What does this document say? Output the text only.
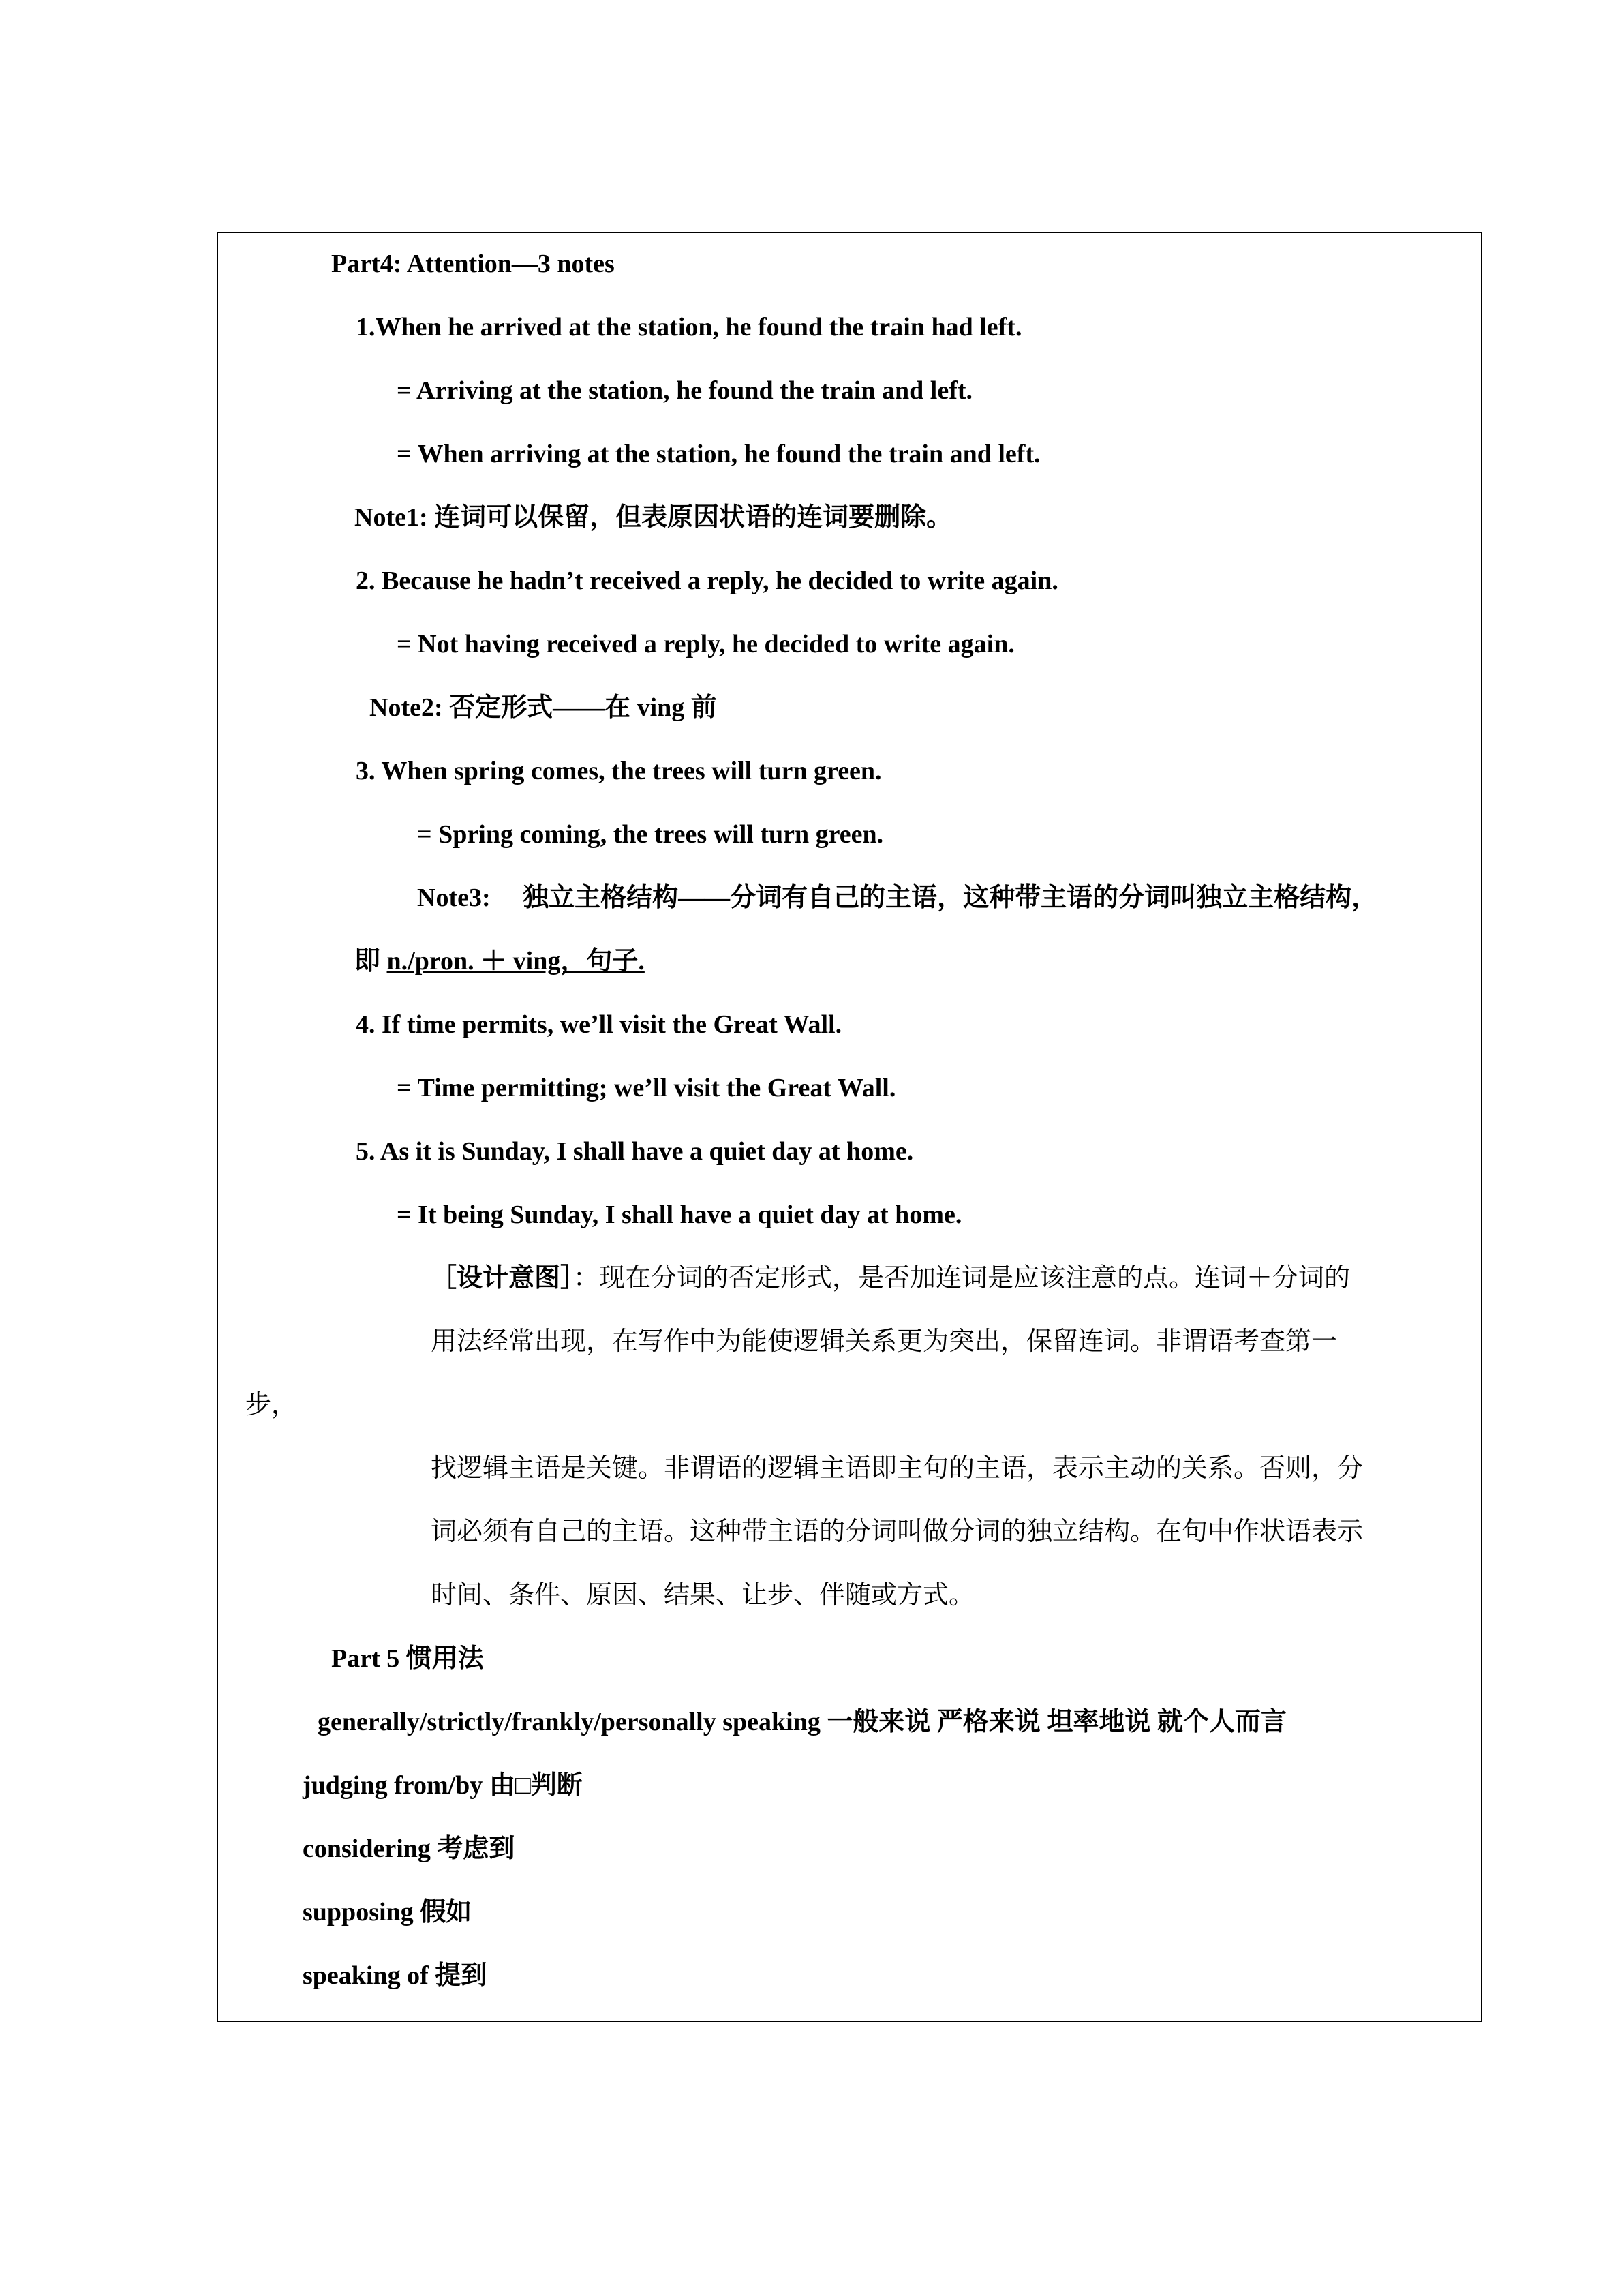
Part4: Attention—3 notes
1.When he arrived at the station, he found the train had left.
= Arriving at the station, he found the train and left.
= When arriving at the station, he found the train and left.
Note1: 连词可以保留，但表原因状语的连词要删除。
2. Because he hadn’t received a reply, he decided to write again.
= Not having received a reply, he decided to write again.
Note2: 否定形式——在 ving 前
3. When spring comes, the trees will turn green.
= Spring coming, the trees will turn green.
Note3: 　独立主格结构——分词有自己的主语，这种带主语的分词叫独立主格结构，
即 n./pron. ＋ ving，句子.
4. If time permits, we’ll visit the Great Wall.
= Time permitting; we’ll visit the Great Wall.
5. As it is Sunday, I shall have a quiet day at home.
= It being Sunday, I shall have a quiet day at home.
［设计意图］：现在分词的否定形式，是否加连词是应该注意的点。连词＋分词的
用法经常出现，在写作中为能使逻辑关系更为突出，保留连词。非谓语考查第一
步，
找逻辑主语是关键。非谓语的逻辑主语即主句的主语，表示主动的关系。否则，分
词必须有自己的主语。这种带主语的分词叫做分词的独立结构。在句中作状语表示
时间、条件、原因、结果、让步、伴随或方式。
Part 5 惯用法
generally/strictly/frankly/personally speaking 一般来说 严格来说 坦率地说 就个人而言
judging from/by 由□判断
considering 考虑到
supposing 假如
speaking of 提到
